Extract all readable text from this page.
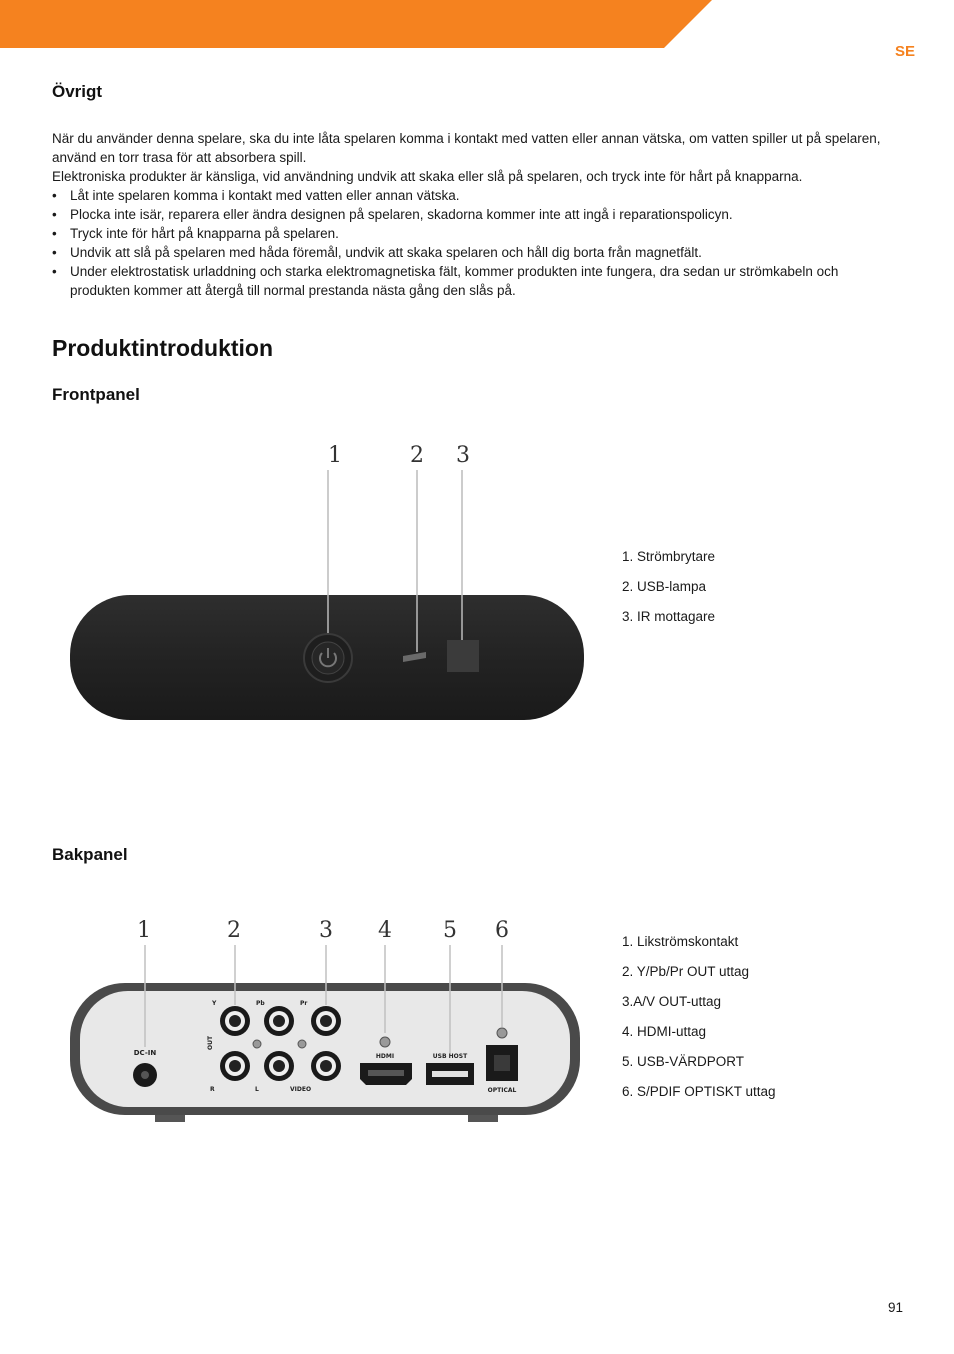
SE
Övrigt

När du använder denna spelare, ska du inte låta spelaren komma i kontakt med vatten eller annan vätska, om vatten spiller ut på spelaren, använd en torr trasa för att absorbera spill.

Elektroniska produkter är känsliga, vid användning undvik att skaka eller slå på spelaren, och tryck inte för hårt på knapparna.

• Låt inte spelaren komma i kontakt med vatten eller annan vätska.
• Plocka inte isär, reparera eller ändra designen på spelaren, skadorna kommer inte att ingå i reparationspolicyn.
• Tryck inte för hårt på knapparna på spelaren.
• Undvik att slå på spelaren med håda föremål, undvik att skaka spelaren och håll dig borta från magnetfält.
• Under elektrostatisk urladdning och starka elektromagnetiska fält, kommer produkten inte fungera, dra sedan ur strömkabeln och produkten kommer att återgå till normal prestanda nästa gång den slås på.
Produktintroduktion
Frontpanel
1	2 3
1. Strömbrytare
2. USB-lampa
3. IR mottagare
Bakpanel
1	2	3 4 5 6
DC-IN
Y	Pb	Pr
OUT
R	L	VIDEO
HDMI	USB HOST
OPTICAL
1. Likströmskontakt
2. Y/Pb/Pr OUT uttag
3.A/V OUT-uttag
4. HDMI-uttag
5. USB-VÄRDPORT
6. S/PDIF OPTISKT uttag
91
